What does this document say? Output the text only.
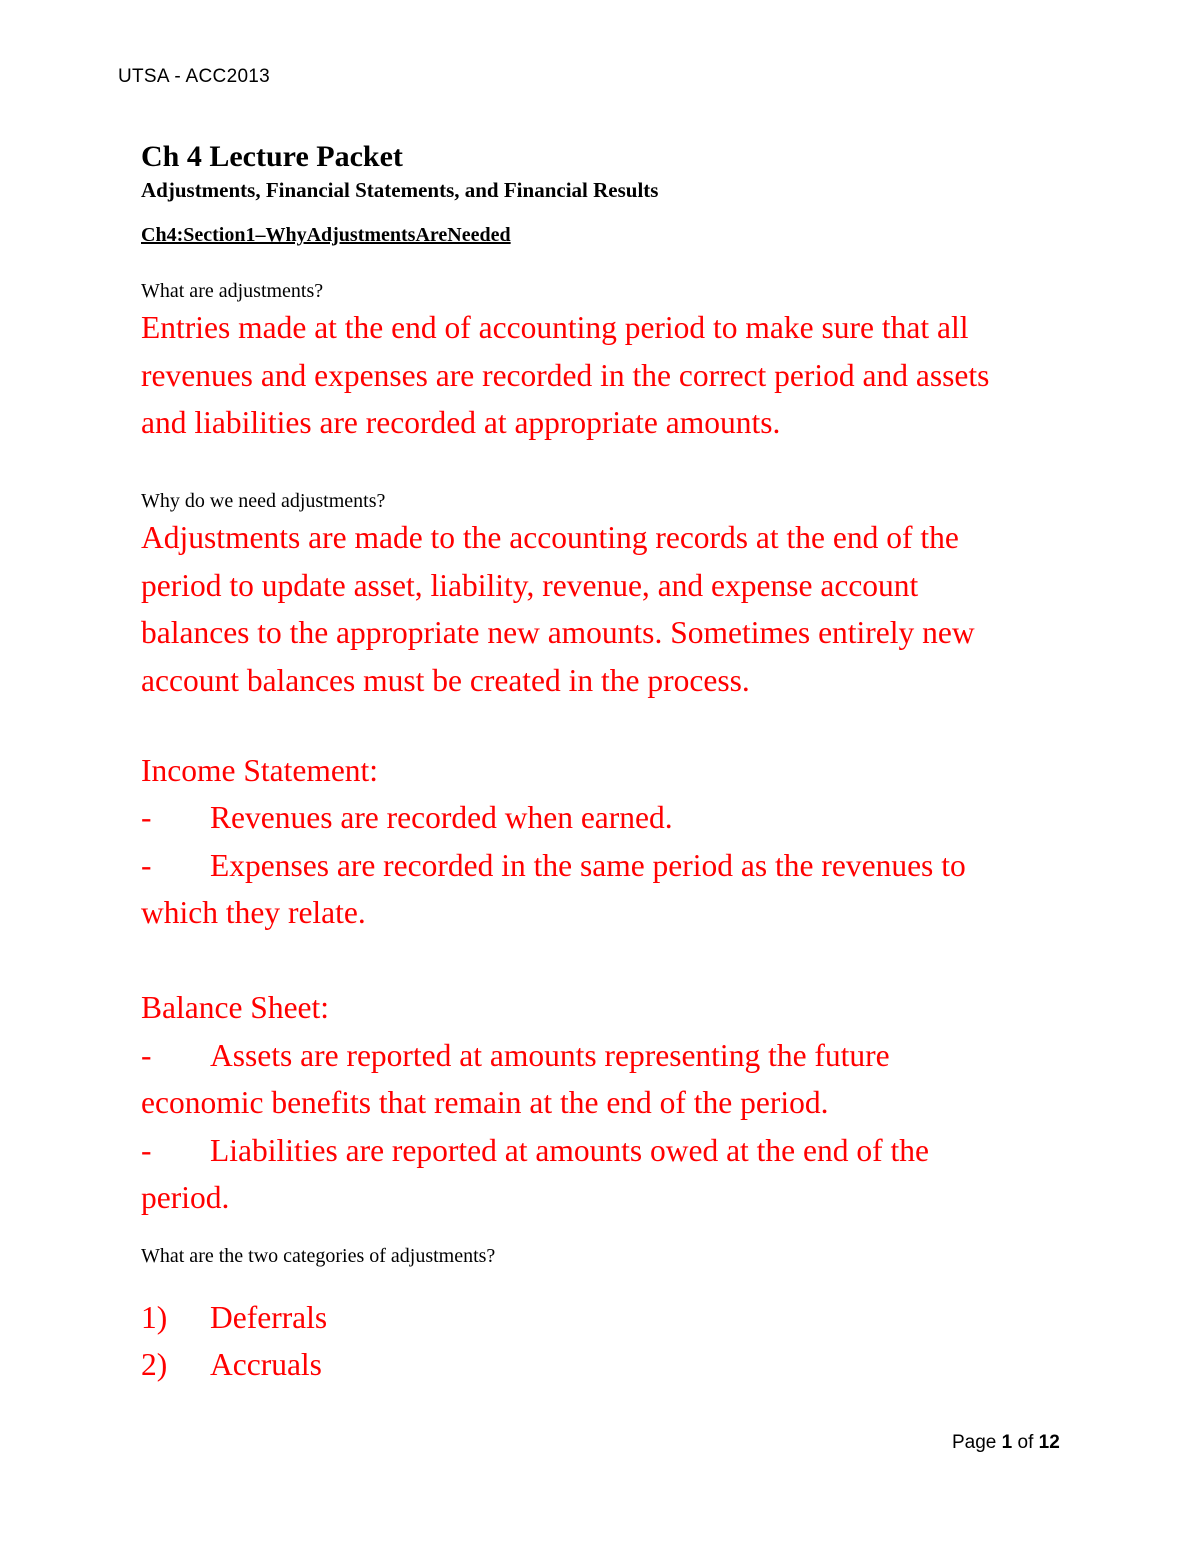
UTSA - ACC2013
Ch 4 Lecture Packet
Adjustments, Financial Statements, and Financial Results
Ch4:Section1–WhyAdjustmentsAreNeeded
What are adjustments?

Entries made at the end of accounting period to make sure that all

revenues and expenses are recorded in the correct period and assets

and liabilities are recorded at appropriate amounts.

Why do we need adjustments?

Adjustments are made to the accounting records at the end of the

period to update asset, liability, revenue, and expense account

balances to the appropriate new amounts. Sometimes entirely new

account balances must be created in the process.

Income Statement:
- Revenues are recorded when earned.
- Expenses are recorded in the same period as the revenues to
which they relate.
Balance Sheet:
- Assets are reported at amounts representing the future
economic benefits that remain at the end of the period.
- Liabilities are reported at amounts owed at the end of the
period.
What are the two categories of adjustments?
1) Deferrals
2) Accruals
Page 1 of 12
